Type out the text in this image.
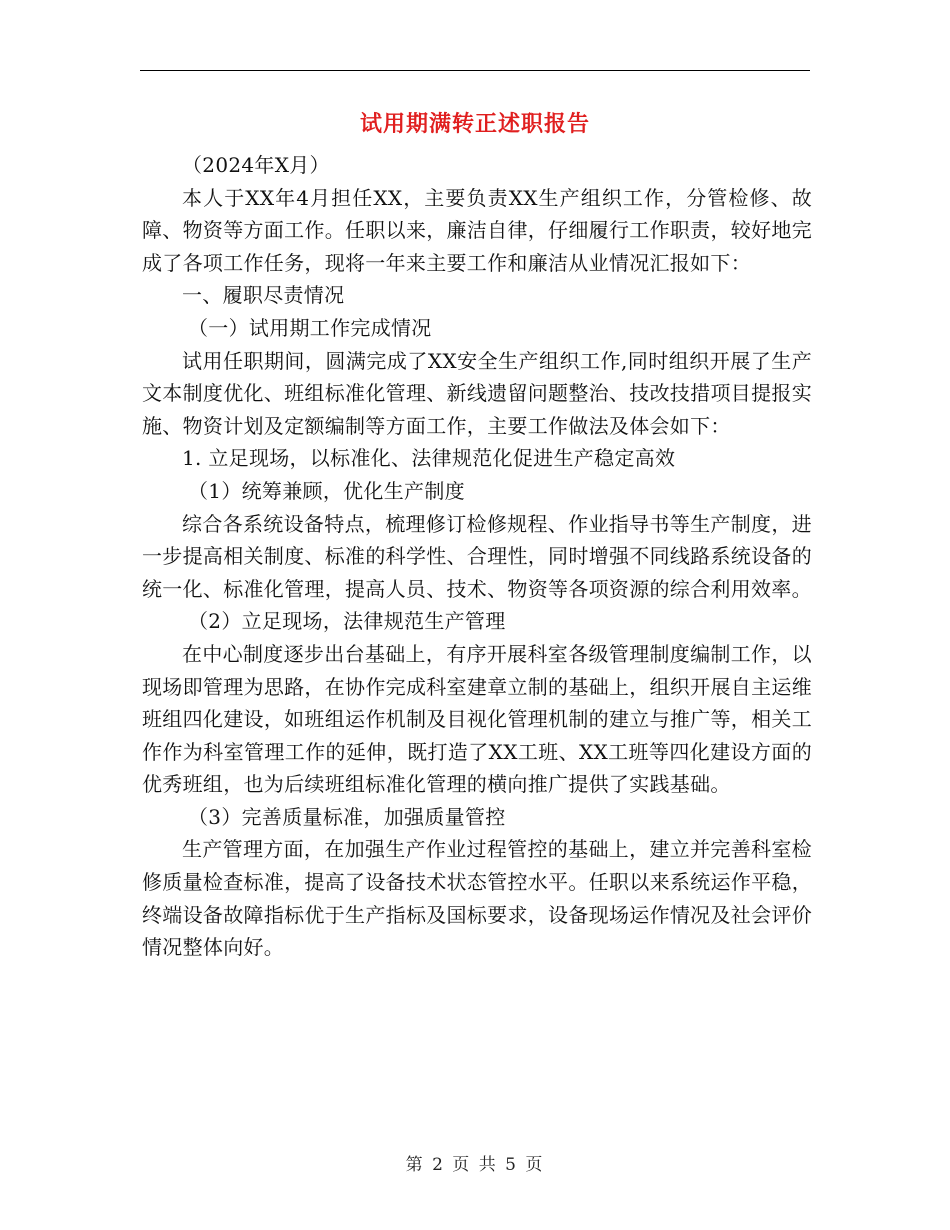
试用期满转正述职报告

（2024年X月）

本人于XX年4月担任XX，主要负责XX生产组织工作，分管检修、故障、物资等方面工作。任职以来，廉洁自律，仔细履行工作职责，较好地完成了各项工作任务，现将一年来主要工作和廉洁从业情况汇报如下：

一、履职尽责情况

（一）试用期工作完成情况

试用任职期间，圆满完成了XX安全生产组织工作,同时组织开展了生产文本制度优化、班组标准化管理、新线遗留问题整治、技改技措项目提报实施、物资计划及定额编制等方面工作，主要工作做法及体会如下：

1. 立足现场，以标准化、法律规范化促进生产稳定高效

（1）统筹兼顾，优化生产制度

综合各系统设备特点，梳理修订检修规程、作业指导书等生产制度，进一步提高相关制度、标准的科学性、合理性，同时增强不同线路系统设备的统一化、标准化管理，提高人员、技术、物资等各项资源的综合利用效率。

（2）立足现场，法律规范生产管理

在中心制度逐步出台基础上，有序开展科室各级管理制度编制工作，以现场即管理为思路，在协作完成科室建章立制的基础上，组织开展自主运维班组四化建设，如班组运作机制及目视化管理机制的建立与推广等，相关工作作为科室管理工作的延伸，既打造了XX工班、XX工班等四化建设方面的优秀班组，也为后续班组标准化管理的横向推广提供了实践基础。

（3）完善质量标准，加强质量管控

生产管理方面，在加强生产作业过程管控的基础上，建立并完善科室检修质量检查标准，提高了设备技术状态管控水平。任职以来系统运作平稳，终端设备故障指标优于生产指标及国标要求，设备现场运作情况及社会评价情况整体向好。

第 2 页 共 5 页
